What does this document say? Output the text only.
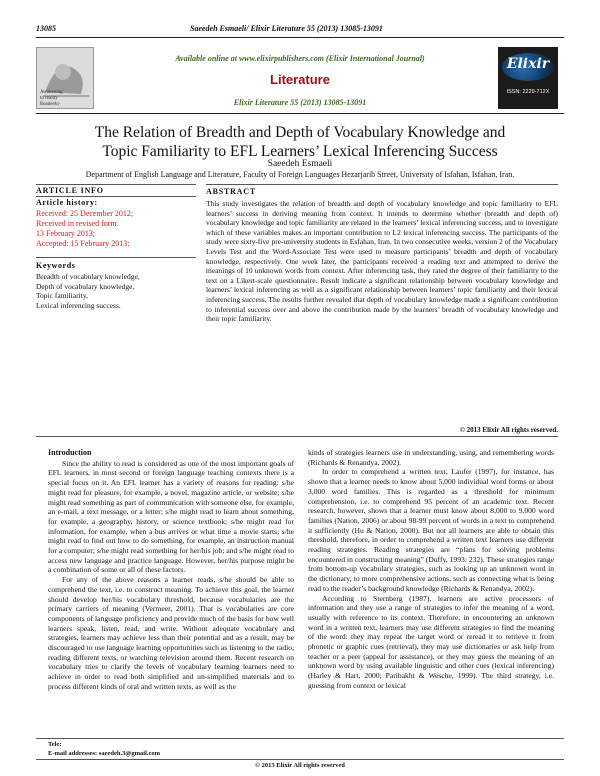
13085	Saeedeh Esmaeli/ Elixir Literature 55 (2013) 13085-13091
Awakening
to reality
Readeeky
Available online at www.elixirpublishers.com (Elixir International Journal)
Literature
Elixir Literature 55 (2013) 13085-13091
Elixir
ISSN: 2229-712X
The Relation of Breadth and Depth of Vocabulary Knowledge and Topic Familiarity to EFL Learners’ Lexical Inferencing Success
Saeedeh Esmaeli
Department of English Language and Literature, Faculty of Foreign Languages Hezarjarib Street, University of Isfahan, Isfahan, Iran.
ARTICLE INFO
Article history:
Received: 25 December 2012;
Received in revised form:
13 February 2013;
Accepted: 15 February 2013;
Keywords
Breadth of vocabulary knowledge,
Depth of vocabulary knowledge,
Topic familiarity,
Lexical inferencing success.
ABSTRACT
This study investigates the relation of breadth and depth of vocabulary knowledge and topic familiarity to EFL learners’ success in deriving meaning from context. It intends to determine whether (breadth and depth of) vocabulary knowledge and topic familiarity are related to the learners’ lexical inferencing success, and to investigate which of these variables makes an important contribution to L2 lexical inferencing success. The participants of the study were sixty-five pre-university students in Esfahan, Iran. In two consecutive weeks, version 2 of the Vocabulary Levels Test and the Word-Associate Test were used to measure participants’ breadth and depth of vocabulary knowledge, respectively. One week later, the participants received a reading text and attempted to derive the meanings of 10 unknown words from context. After inferencing task, they rated the degree of their familiarity to the text on a Likert-scale questionnaire. Result indicate a significant relationship between vocabulary knowledge and learners’ lexical inferencing as well as a significant relationship between learners’ topic familiarity and their lexical inferencing success. The results further revealed that depth of vocabulary knowledge made a significant contribution to inferential success over and above the contribution made by the learners’ breadth of vocabulary knowledge and their topic familiarity.
© 2013 Elixir All rights reserved.
Introduction

Since the ability to read is considered as one of the most important goals of EFL learners, in most second or foreign language teaching contexts there is a special focus on it. An EFL learner has a variety of reasons for reading: s/he might read for pleasure, for example, a novel, magazine article, or website; s/he might read something as part of communication with someone else, for example, an e-mail, a text message, or a letter; s/he might read to learn about something, for example, a geography, history, or science textbook; s/he might read for information, for example, when a bus arrives or what time a movie starts; s/he might read to find out how to do something, for example, an instruction manual for a computer; s/he might read something for her/his job; and s/he might read to access new language and practice language. However, her/his purpose might be a combination of some or all of these factors.

For any of the above reasons a learner reads, s/he should be able to comprehend the text, i.e. to construct meaning. To achieve this goal, the learner should develop her/his vocabulary threshold, because vocabularies are the primary carriers of meaning (Vermeer, 2001). That is vocabularies are core components of language proficiency and provide much of the basis for how well learners speak, listen, read, and write. Without adequate vocabulary and strategies, learners may achieve less than their potential and as a result, may be discouraged to use language learning opportunities such as listening to the radio, reading different texts, or watching television around them. Recent research on vocabulary tries to clarify the levels of vocabulary learning learners need to achieve in order to read both simplified and un-simplified materials and to process different kinds of oral and written texts, as well as the

kinds of strategies learners use in understanding, using, and remembering words (Richards & Renandya, 2002).

In order to comprehend a written text, Laufer (1997), for instance, has shown that a learner needs to know about 5,000 individual word forms or about 3,000 word families. This is regarded as a threshold for minimum comprehension, i.e. to comprehend 95 percent of an academic text. Recent research, however, shows that a learner must know about 8,000 to 9,000 word families (Nation, 2006) or about 98-99 percent of words in a text to comprehend it sufficiently (Hu & Nation, 2000). But not all learners are able to obtain this threshold, therefore, in order to comprehend a written text learners use different reading strategies. Reading strategies are “plans for solving problems encountered in constructing meaning” (Duffy, 1993: 232). These strategies range from bottom-up vocabulary strategies, such as looking up an unknown word in the dictionary, to more comprehensive actions, such as connecting what is being read to the reader’s background knowledge (Richards & Renandya, 2002).

According to Sternberg (1987), learners are active processors of information and they use a range of strategies to infer the meaning of a word, usually with reference to its context. Therefore, in encountering an unknown word in a written text, learners may use different strategies to find the meaning of the word: they may repeat the target word or reread it to retrieve it from phonetic or graphic cues (retrieval), they may use dictionaries or ask help from teacher or a peer (appeal for assistance), or they may guess the meaning of an unknown word by using available linguistic and other cues (lexical inferencing) (Harley & Hart, 2000; Paribakht & Wesche, 1999). The third strategy, i.e. guessing from context or lexical

Tele:
E-mail addresses: saeedeh.3@gmail.com
© 2013 Elixir All rights reserved
